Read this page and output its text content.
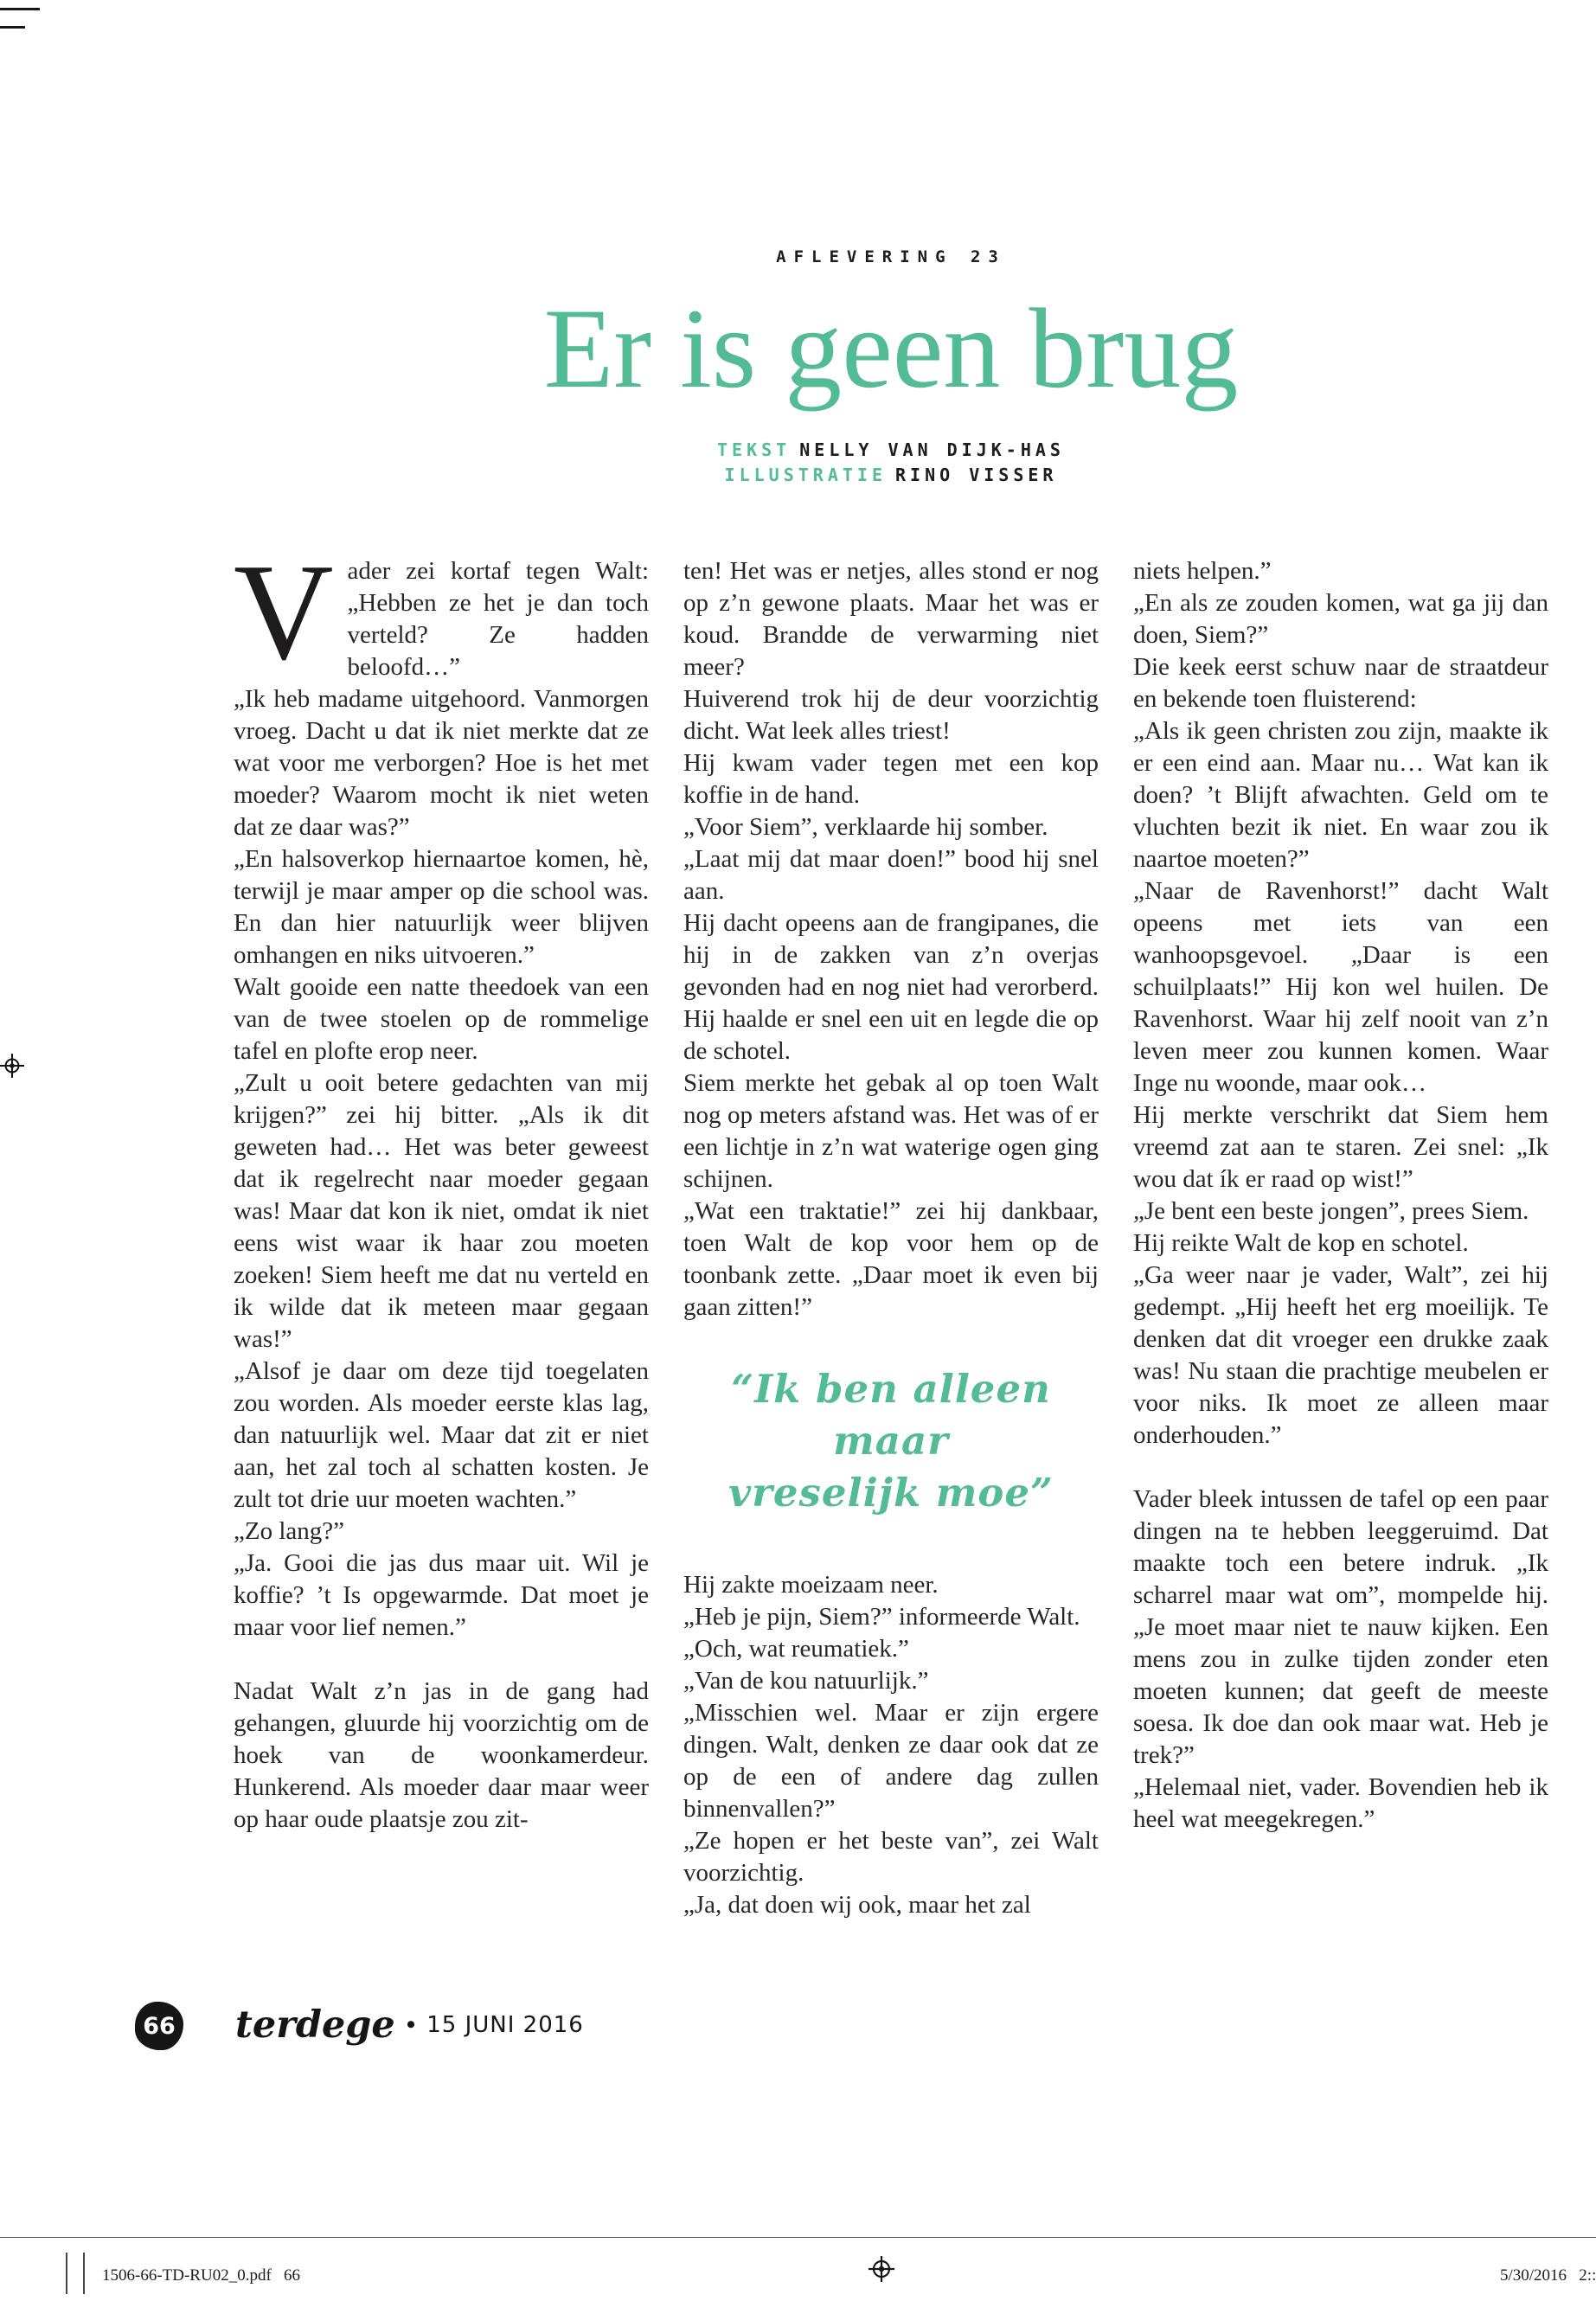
AFLEVERING 23
Er is geen brug
TEKST NELLY VAN DIJK-HAS
ILLUSTRATIE RINO VISSER

Vader zei kortaf tegen Walt: „Hebben ze het je dan toch verteld? Ze hadden beloofd…”

„Ik heb madame uitgehoord. Vanmorgen vroeg. Dacht u dat ik niet merkte dat ze wat voor me verborgen? Hoe is het met moeder? Waarom mocht ik niet weten dat ze daar was?”

„En halsoverkop hiernaartoe komen, hè, terwijl je maar amper op die school was. En dan hier natuurlijk weer blijven omhangen en niks uitvoeren.”

Walt gooide een natte theedoek van een van de twee stoelen op de rommelige tafel en plofte erop neer.

„Zult u ooit betere gedachten van mij krijgen?” zei hij bitter. „Als ik dit geweten had… Het was beter geweest dat ik regelrecht naar moeder gegaan was! Maar dat kon ik niet, omdat ik niet eens wist waar ik haar zou moeten zoeken! Siem heeft me dat nu verteld en ik wilde dat ik meteen maar gegaan was!”

„Alsof je daar om deze tijd toegelaten zou worden. Als moeder eerste klas lag, dan natuurlijk wel. Maar dat zit er niet aan, het zal toch al schatten kosten. Je zult tot drie uur moeten wachten.”

„Zo lang?”

„Ja. Gooi die jas dus maar uit. Wil je koffie? ’t Is opgewarmde. Dat moet je maar voor lief nemen.”

Nadat Walt z’n jas in de gang had gehangen, gluurde hij voorzichtig om de hoek van de woonkamerdeur. Hunkerend. Als moeder daar maar weer op haar oude plaatsje zou zit-

ten! Het was er netjes, alles stond er nog op z’n gewone plaats. Maar het was er koud. Brandde de verwarming niet meer?

Huiverend trok hij de deur voorzichtig dicht. Wat leek alles triest!

Hij kwam vader tegen met een kop koffie in de hand.

„Voor Siem”, verklaarde hij somber.

„Laat mij dat maar doen!” bood hij snel aan.

Hij dacht opeens aan de frangipanes, die hij in de zakken van z’n overjas gevonden had en nog niet had verorberd. Hij haalde er snel een uit en legde die op de schotel.

Siem merkte het gebak al op toen Walt nog op meters afstand was. Het was of er een lichtje in z’n wat waterige ogen ging schijnen.

„Wat een traktatie!” zei hij dankbaar, toen Walt de kop voor hem op de toonbank zette. „Daar moet ik even bij gaan zitten!”

“Ik ben alleen maar
vreselijk moe”

Hij zakte moeizaam neer.

„Heb je pijn, Siem?” informeerde Walt.

„Och, wat reumatiek.”

„Van de kou natuurlijk.”

„Misschien wel. Maar er zijn ergere dingen. Walt, denken ze daar ook dat ze op de een of andere dag zullen binnenvallen?”

„Ze hopen er het beste van”, zei Walt voorzichtig.

„Ja, dat doen wij ook, maar het zal

niets helpen.”

„En als ze zouden komen, wat ga jij dan doen, Siem?”

Die keek eerst schuw naar de straatdeur en bekende toen fluisterend:

„Als ik geen christen zou zijn, maakte ik er een eind aan. Maar nu… Wat kan ik doen? ’t Blijft afwachten. Geld om te vluchten bezit ik niet. En waar zou ik naartoe moeten?”

„Naar de Ravenhorst!” dacht Walt opeens met iets van een wanhoopsgevoel. „Daar is een schuilplaats!” Hij kon wel huilen. De Ravenhorst. Waar hij zelf nooit van z’n leven meer zou kunnen komen. Waar Inge nu woonde, maar ook…

Hij merkte verschrikt dat Siem hem vreemd zat aan te staren. Zei snel: „Ik wou dat ík er raad op wist!”

„Je bent een beste jongen”, prees Siem.

Hij reikte Walt de kop en schotel.

„Ga weer naar je vader, Walt”, zei hij gedempt. „Hij heeft het erg moeilijk. Te denken dat dit vroeger een drukke zaak was! Nu staan die prachtige meubelen er voor niks. Ik moet ze alleen maar onderhouden.”

Vader bleek intussen de tafel op een paar dingen na te hebben leeggeruimd. Dat maakte toch een betere indruk. „Ik scharrel maar wat om”, mompelde hij. „Je moet maar niet te nauw kijken. Een mens zou in zulke tijden zonder eten moeten kunnen; dat geeft de meeste soesa. Ik doe dan ook maar wat. Heb je trek?”

„Helemaal niet, vader. Bovendien heb ik heel wat meegekregen.”

66 terdege • 15 JUNI 2016
1506-66-TD-RU02_0.pdf   66	5/30/2016   2::
